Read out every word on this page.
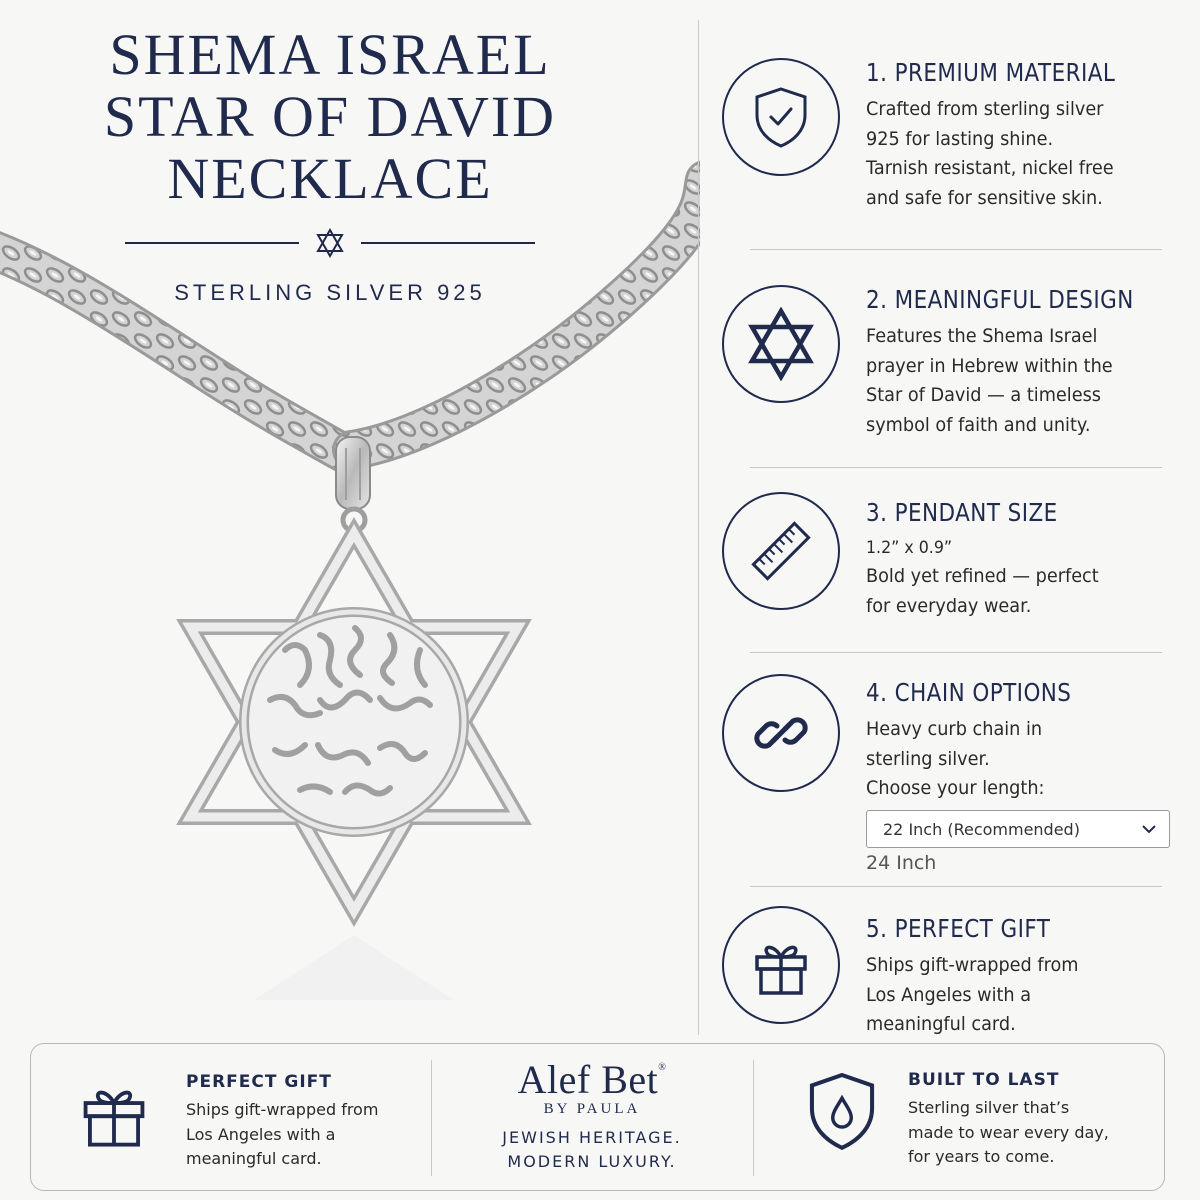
SHEMA ISRAEL
STAR OF DAVID
NECKLACE
STERLING SILVER 925
1. PREMIUM MATERIAL
Crafted from sterling silver
925 for lasting shine.
Tarnish resistant, nickel free
and safe for sensitive skin.
2. MEANINGFUL DESIGN
Features the Shema Israel
prayer in Hebrew within the
Star of David — a timeless
symbol of faith and unity.
3. PENDANT SIZE
1.2” x 0.9”
Bold yet refined — perfect
for everyday wear.
4. CHAIN OPTIONS
Heavy curb chain in
sterling silver.
Choose your length:
22 Inch (Recommended)
24 Inch
5. PERFECT GIFT
Ships gift-wrapped from
Los Angeles with a
meaningful card.
PERFECT GIFT
Ships gift-wrapped from
Los Angeles with a
meaningful card.
Alef Bet®
BY PAULA
JEWISH HERITAGE.
MODERN LUXURY.
BUILT TO LAST
Sterling silver that’s
made to wear every day,
for years to come.
